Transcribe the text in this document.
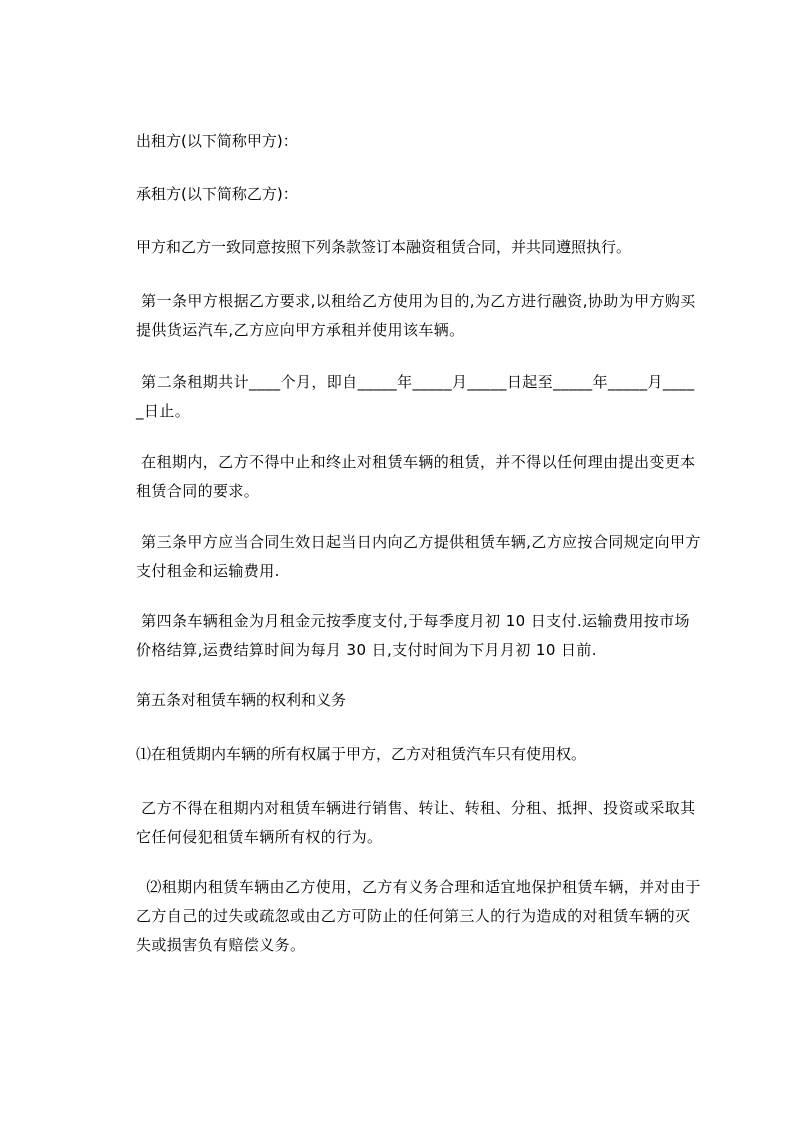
出租方(以下简称甲方)：

承租方(以下简称乙方)：

甲方和乙方一致同意按照下列条款签订本融资租赁合同，并共同遵照执行。

第一条甲方根据乙方要求,以租给乙方使用为目的,为乙方进行融资,协助为甲方购买提供货运汽车,乙方应向甲方承租并使用该车辆。

第二条租期共计____个月，即自_____年_____月_____日起至_____年_____月_____日止。

在租期内，乙方不得中止和终止对租赁车辆的租赁，并不得以任何理由提出变更本租赁合同的要求。

第三条甲方应当合同生效日起当日内向乙方提供租赁车辆,乙方应按合同规定向甲方支付租金和运输费用.

第四条车辆租金为月租金元按季度支付,于每季度月初 10 日支付.运输费用按市场价格结算,运费结算时间为每月 30 日,支付时间为下月月初 10 日前.

第五条对租赁车辆的权利和义务

⑴在租赁期内车辆的所有权属于甲方，乙方对租赁汽车只有使用权。

乙方不得在租期内对租赁车辆进行销售、转让、转租、分租、抵押、投资或采取其它任何侵犯租赁车辆所有权的行为。

⑵租期内租赁车辆由乙方使用，乙方有义务合理和适宜地保护租赁车辆，并对由于乙方自己的过失或疏忽或由乙方可防止的任何第三人的行为造成的对租赁车辆的灭失或损害负有赔偿义务。
